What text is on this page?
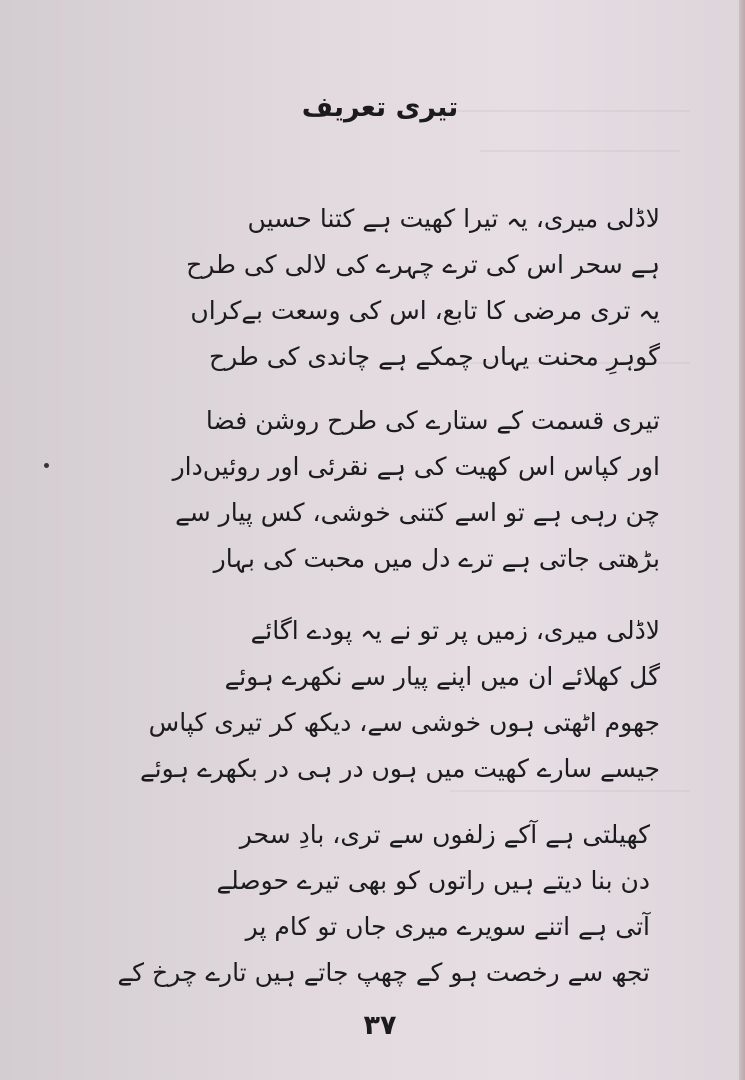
تیری تعریف
لاڈلی میری، یہ تیرا کھیت ہے کتنا حسیں
ہے سحر اس کی ترے چہرے کی لالی کی طرح
یہ تری مرضی کا تابع، اس کی وسعت بےکراں
گوہرِ محنت یہاں چمکے ہے چاندی کی طرح
تیری قسمت کے ستارے کی طرح روشن فضا
اور کپاس اس کھیت کی ہے نقرئی اور روئیں‌دار
چن رہی ہے تو اسے کتنی خوشی، کس پیار سے
بڑھتی جاتی ہے ترے دل میں محبت کی بہار
لاڈلی میری، زمیں پر تو نے یہ پودے اگائے
گل کھلائے ان میں اپنے پیار سے نکھرے ہوئے
جھوم اٹھتی ہوں خوشی سے، دیکھ کر تیری کپاس
جیسے سارے کھیت میں ہوں در ہی در بکھرے ہوئے
کھیلتی ہے آکے زلفوں سے تری، بادِ سحر
دن بنا دیتے ہیں راتوں کو بھی تیرے حوصلے
آتی ہے اتنے سویرے میری جاں تو کام پر
تجھ سے رخصت ہو کے چھپ جاتے ہیں تارے چرخ کے
۳۷
